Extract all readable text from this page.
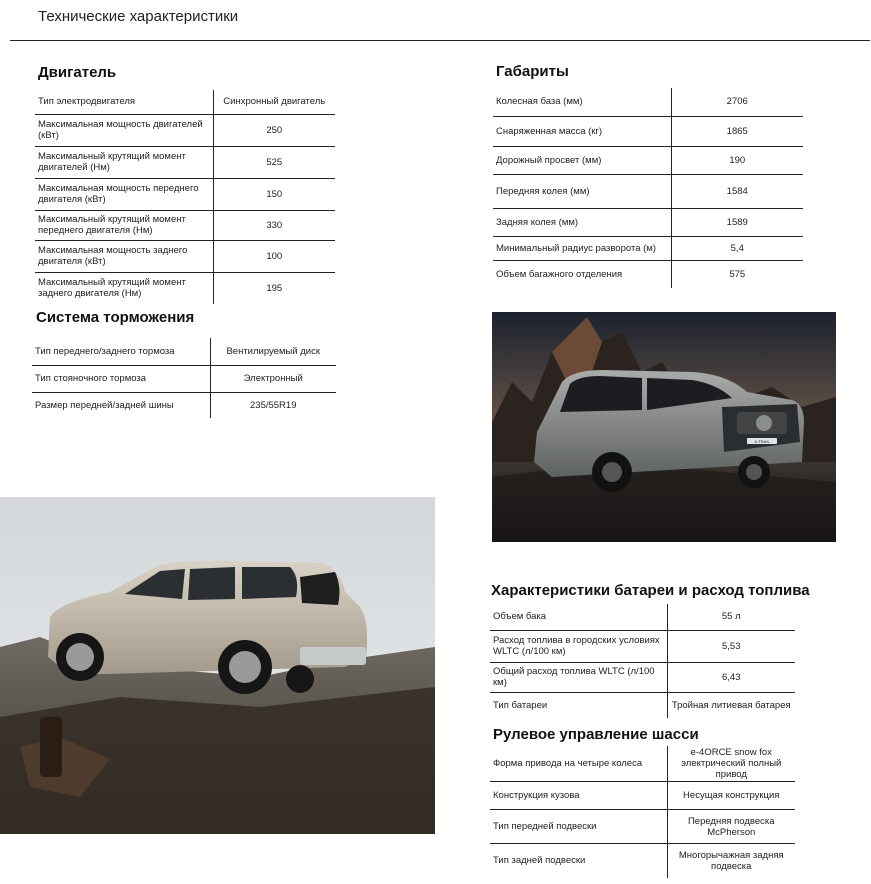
Технические характеристики
Двигатель
Тип электродвигателя	Синхронный двигатель
Максимальная мощность двигателей (кВт)	250
Максимальный крутящий момент двигателей (Нм)	525
Максимальная мощность переднего двигателя (кВт)	150
Максимальный крутящий момент переднего двигателя (Нм)	330
Максимальная мощность заднего двигателя (кВт)	100
Максимальный крутящий момент заднего двигателя (Нм)	195
Система торможения
Тип переднего/заднего тормоза	Вентилируемый диск
Тип стояночного тормоза	Электронный
Размер передней/задней шины	235/55R19
Габариты
Колесная база (мм)	2706
Снаряженная масса (кг)	1865
Дорожный просвет (мм)	190
Передняя колея (мм)	1584
Задняя колея (мм)	1589
Минимальный радиус разворота (м)	5,4
Объем багажного отделения	575
Характеристики батареи и расход топлива
Объем бака	55 л
Расход топлива в городских условиях WLTC (л/100 км)	5,53
Общий расход топлива WLTC (л/100 км)	6,43
Тип батареи	Тройная литиевая батарея
Рулевое управление шасси
Форма привода на четыре колеса	e-4ORCE snow fox электрический полный привод
Конструкция кузова	Несущая конструкция
Тип передней подвески	Передняя подвеска McPherson
Тип задней подвески	Многорычажная задняя подвеска
X-TRAIL
